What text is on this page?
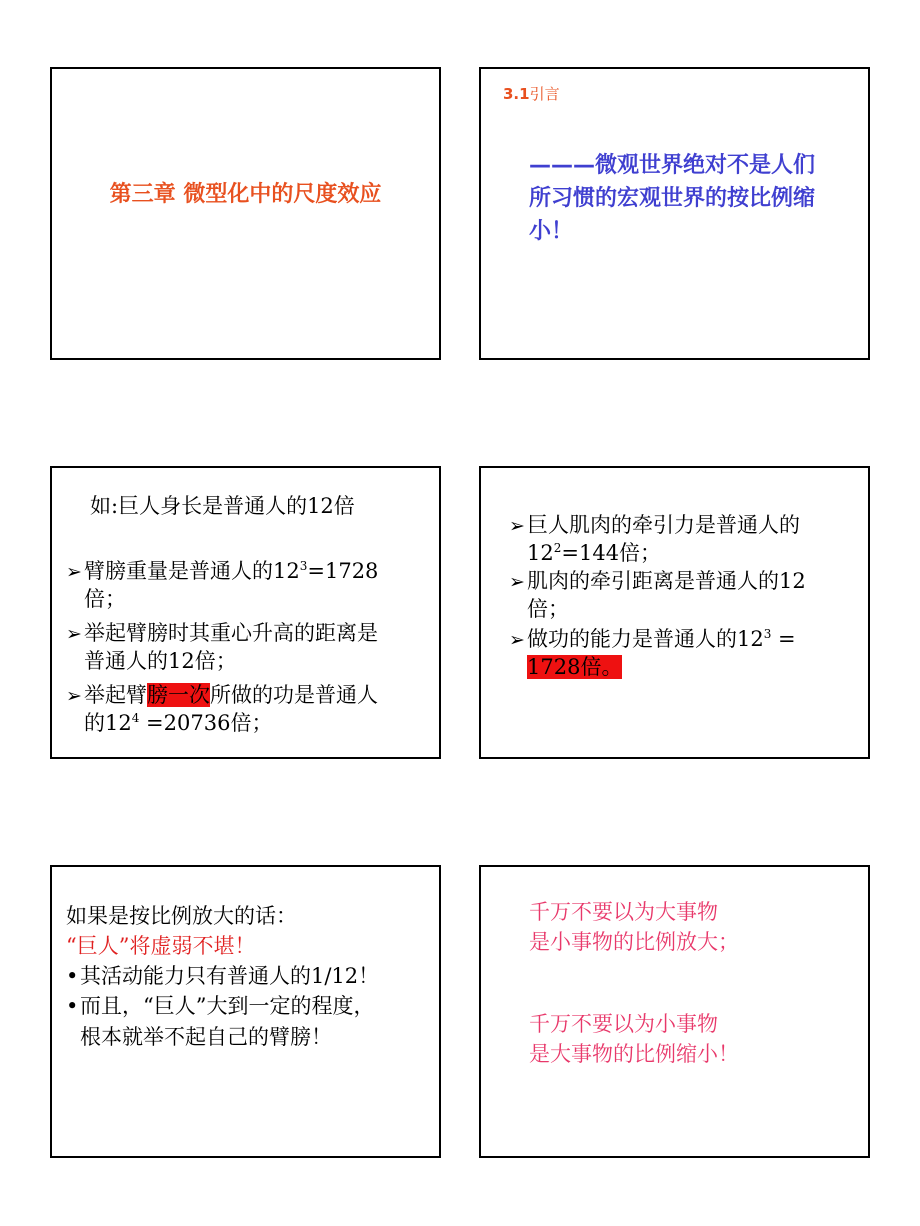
第三章 微型化中的尺度效应
3.1引言
———微观世界绝对不是人们
所习惯的宏观世界的按比例缩
小！
如:巨人身长是普通人的12倍
➢臂膀重量是普通人的$12^3=1728$
倍；
➢举起臂膀时其重心升高的距离是
普通人的12倍；
➢举起臂膀一次所做的功是普通人
的$12^4 =20736$倍；
➢巨人肌肉的牵引力是普通人的
$12^2=144$倍；
➢肌肉的牵引距离是普通人的12
倍；
➢做功的能力是普通人的$12^3$ =
1728倍。
如果是按比例放大的话：
“巨人”将虚弱不堪！
•其活动能力只有普通人的1/12！
•而且，“巨人”大到一定的程度，
根本就举不起自己的臂膀！
千万不要以为大事物
是小事物的比例放大；
千万不要以为小事物
是大事物的比例缩小！
